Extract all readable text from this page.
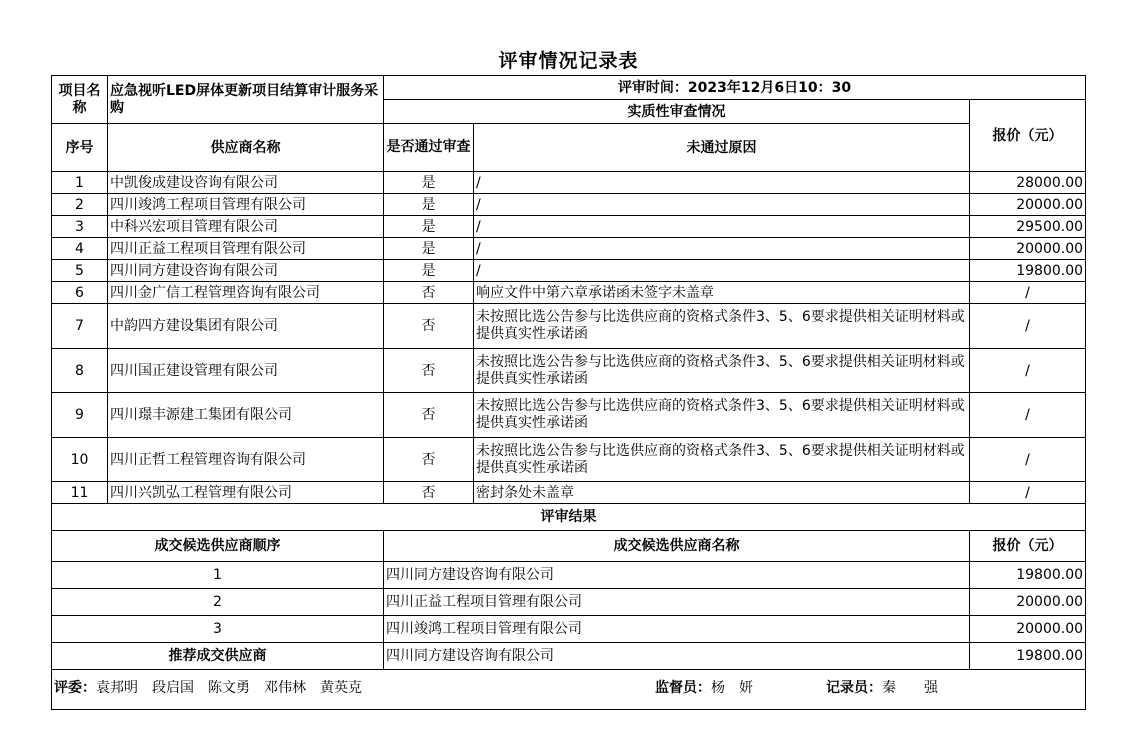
评审情况记录表
项目名称	应急视听LED屏体更新项目结算审计服务采购	评审时间：2023年12月6日10：30		
		实质性审查情况		报价（元）
序号	供应商名称	是否通过审查	未通过原因	
1	中凯俊成建设咨询有限公司	是	/	28000.00
2	四川竣鸿工程项目管理有限公司	是	/	20000.00
3	中科兴宏项目管理有限公司	是	/	29500.00
4	四川正益工程项目管理有限公司	是	/	20000.00
5	四川同方建设咨询有限公司	是	/	19800.00
6	四川金广信工程管理咨询有限公司	否	响应文件中第六章承诺函未签字未盖章	/
7	中韵四方建设集团有限公司	否	未按照比选公告参与比选供应商的资格式条件3、5、6要求提供相关证明材料或提供真实性承诺函	/
8	四川国正建设管理有限公司	否	未按照比选公告参与比选供应商的资格式条件3、5、6要求提供相关证明材料或提供真实性承诺函	/
9	四川璟丰源建工集团有限公司	否	未按照比选公告参与比选供应商的资格式条件3、5、6要求提供相关证明材料或提供真实性承诺函	/
10	四川正哲工程管理咨询有限公司	否	未按照比选公告参与比选供应商的资格式条件3、5、6要求提供相关证明材料或提供真实性承诺函	/
11	四川兴凯弘工程管理有限公司	否	密封条处未盖章	/
评审结果				
成交候选供应商顺序		成交候选供应商名称		报价（元）
1		四川同方建设咨询有限公司		19800.00
2		四川正益工程项目管理有限公司		20000.00
3		四川竣鸿工程项目管理有限公司		20000.00
推荐成交供应商		四川同方建设咨询有限公司		19800.00

评委：袁邦明　段启国　陈文勇　邓伟林　黄英克 监督员：杨　妍 记录员：秦　　强				
